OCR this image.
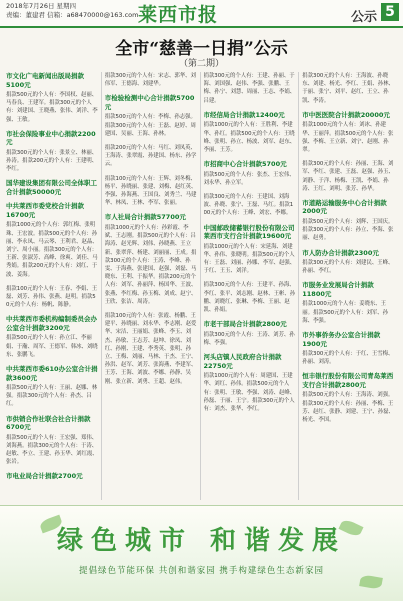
2018年7月26日 星期四
责编：董建君 信箱：a68470000@163.com 莱西市报	公示 5
全市“慈善一日捐”公示
（第二期）
市文化广电新闻出版局捐款5100元
捐款500元的个人有：李国权、赵丽、马春良、王建军。捐款300元的个人有：刘建国、王晓燕、张伟、刘洋、李强、王敏。
市社会保险事业中心捐款2200元
捐款300元的个人有：张景立、林丽、孙涛。捐款200元的个人有：王建明、李红。
国华建设集团有限公司全体职工合计捐款50000元
中共莱西市委党校合计捐款16700元
捐款1000元的个人有：郭红梅、张明珠、王宏波。捐款500元的个人有：孙丽、李永凤、马云琴、王利君、赵晶、刘宁、周小丽。捐款300元的个人有：王新、张淑芳、高峰、徐爽、刘佳、马秀娟。捐款200元的个人有：刘红、于波、姜海。
捐款100元的个人有：王春、李娟、王磊、刘芳、孙伟、张燕、赵明。捐款50元的个人有：杨帆、陈静。
中共莱西市委机构编制委员会办公室合计捐款3200元
捐款500元的个人有：孙立江、李丽娟、于瀚、周军、王德军、韩冰、刘晓东、张鹏飞。
中共莱西市委610办公室合计捐款3600元
捐款500元的个人有：王丽、赵娜、林强。捐款300元的个人有：孙杰、吕红。
市供销合作社联合社合计捐款6700元
捐款500元的个人有：王宏强、郑伟、刘海燕。捐款300元的个人有：于涛、赵敏、李立、王建、孙玉华、刘红霞、张岩。
市电业局合计捐款2700元
捐款300元的个人有：宋志、郭华、刘伟军、王德海、刘建华。
市检验检测中心合计捐款5700元
捐款500元的个人有：李梅、孙志强。捐款300元的个人有：王磊、赵婷、周建国、吴丽、王海、孙林。
捐款200元的个人有：马红、刘凤英、王海涛、张翠霞、孙建国、杨东、孙学云。
捐款100元的个人有：王辉、刘冬梅、杨平、孙晓丽、张建、刘梅、赵红英、李强、孙海燕、王国良、刘秀兰、马建华、林凤、王林、李军、张丽。
市人社局合计捐款57700元
捐款1000元的个人有：孙彩霞、李斌、王志刚。捐款500元的个人有：吕海涛、赵光辉、刘伟、孙晓燕、王立新、张翠萍、杨建、刘丽丽、王成。捐款300元的个人有：王涛、李峰、孙雯、于海燕、张建国、赵强、刘磊、马晓东、王利、于振华。捐款200元的个人有：刘军、孙丽萍、杨国华、王波、张燕、李红梅、孙玉梅、刘成、赵宁、王欣、张洁、周涛。
捐款100元的个人有：张霞、杨鹏、王建平、孙晓丽、刘永华、李志刚、赵爱华、宋洁、王丽娟、张峰、李玉、刘杰、孙敏、王志芳、赵坤、徐凤、刘红、孙刚、王建、李秀英、张明、孙立、王梅、刘丽、马林、于杰、王宁、孙洪、赵军、刘芳、张海燕、李建军、王芳、王海、刘波、李娜、孙静、吴刚、张立新、刘勇、王超、赵伟。
捐款300元的个人有：王建、孙丽、于海、刘国强、赵伟、李强、张鹏、王梅、孙宁、刘慧、周丽、王志、李娟、吕建。
市经信局合计捐款12400元
捐款1000元的个人有：王胜利、李建华、孙红。捐款500元的个人有：王晓峰、张明、孙立、杨波、刘军、赵东、李丽、王芳。
市招商中心合计捐款5700元
捐款500元的个人有：张杰、王宏伟、刘永华、孙立军。
捐款300元的个人有：王建国、刘海波、孙晓、张宁、王磊、马红。捐款100元的个人有：王峰、刘宏、李娜。
中国邮政储蓄银行股份有限公司莱西市支行合计捐款19600元
捐款1000元的个人有：宋延海、刘建华、孙伟、张晓明。捐款500元的个人有：王磊、刘丽、孙娜、李军、赵强、于红、王玉、刘洋。
捐款300元的个人有：王建平、孙海、李红、张平、刘志刚、赵林、王彬、孙鹏、刘晓红、张琳、李梅、王丽、赵凯、孙娟。
市老干部局合计捐款2800元
捐款300元的个人有：王涛、刘芳、孙梅、李强。
河头店镇人民政府合计捐款22750元
捐款1000元的个人有：周建国、王建华、刘红、孙伟。捐款500元的个人有：张明、王敏、李强、刘涛、赵峰、孙磊、于丽、王宁。捐款300元的个人有：刘杰、张华、李红。
捐款300元的个人有：王海波、孙晓东、刘建、杨光、李红、王娟、孙林、于丽、张宁、刘平、赵红、王立、孙凯、李涛。
市中医医院合计捐款20000元
捐款1000元的个人有：刘冰、孙建华、王丽萍。捐款500元的个人有：张强、李梅、王立新、刘宁、赵刚、孙翠。
捐款300元的个人有：孙丽、王海、刘军、李红、张建、王磊、赵强、孙玉、刘静、于洋、杨梅、王凯、李娟、孙涛、王红、刘明、张芳、孙华。
市道路运输服务中心合计捐款2000元
捐款500元的个人有：刘辉、王国庆。捐款300元的个人有：孙立、李海、张丽、赵勇。
市人防办合计捐款2300元
捐款300元的个人有：刘建民、王峰、孙丽、李红。
市服务业发展局合计捐款11800元
捐款1000元的个人有：姜晓东、王丽。捐款500元的个人有：刘军、孙海、李强。
市外事侨务办公室合计捐款1900元
捐款300元的个人有：于红、王雪梅、孙丽、刘涛。
恒丰银行股份有限公司青岛莱西支行合计捐款2800元
捐款500元的个人有：王海涛、刘强。捐款300元的个人有：孙丽、李梅、王芳、赵红、张静、刘建、王宁、孙磊、杨光、李国。
绿色城市 和谐发展
提倡绿色节能环保 共创和谐家园 携手构建绿色生态新家园
